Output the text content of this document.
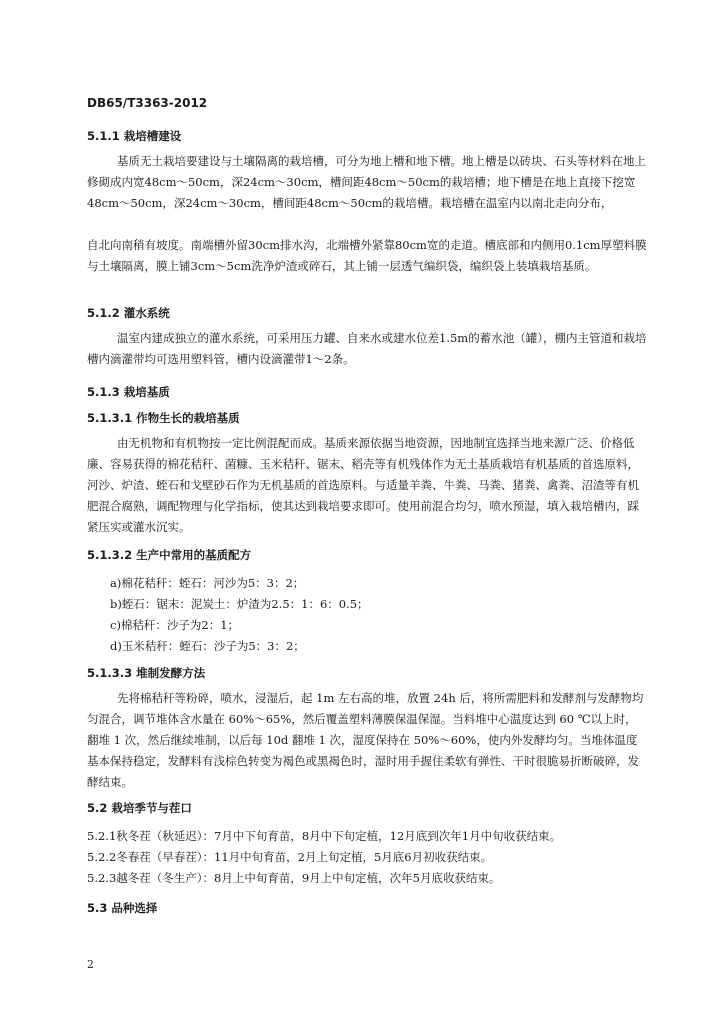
DB65/T3363-2012
5.1.1 栽培槽建设

基质无土栽培要建设与土壤隔离的栽培槽，可分为地上槽和地下槽。地上槽是以砖块、石头等材料在地上修砌成内宽48cm～50cm，深24cm～30cm，槽间距48cm～50cm的栽培槽；地下槽是在地上直接下挖宽48cm～50cm，深24cm～30cm，槽间距48cm～50cm的栽培槽。栽培槽在温室内以南北走向分布，

自北向南稍有坡度。南端槽外留30cm排水沟，北端槽外紧靠80cm宽的走道。槽底部和内侧用0.1cm厚塑料膜与土壤隔离，膜上铺3cm～5cm洗净炉渣或碎石，其上铺一层透气编织袋，编织袋上装填栽培基质。

5.1.2 灌水系统

温室内建成独立的灌水系统，可采用压力罐、自来水或建水位差1.5m的蓄水池（罐），棚内主管道和栽培槽内滴灌带均可选用塑料管，槽内设滴灌带1～2条。

5.1.3 栽培基质
5.1.3.1 作物生长的栽培基质

由无机物和有机物按一定比例混配而成。基质来源依据当地资源，因地制宜选择当地来源广泛、价格低廉、容易获得的棉花秸秆、菌糠、玉米秸秆、锯末、稻壳等有机残体作为无土基质栽培有机基质的首选原料，河沙、炉渣、蛭石和戈壁砂石作为无机基质的首选原料。与适量羊粪、牛粪、马粪、猪粪、禽粪、沼渣等有机肥混合腐熟，调配物理与化学指标，使其达到栽培要求即可。使用前混合均匀，喷水预湿，填入栽培槽内，踩紧压实或灌水沉实。

5.1.3.2 生产中常用的基质配方
a)棉花秸秆：蛭石：河沙为5：3：2；
b)蛭石：锯末：泥炭土：炉渣为2.5：1：6：0.5；
c)棉秸秆：沙子为2：1；
d)玉米秸秆：蛭石：沙子为5：3：2；
5.1.3.3 堆制发酵方法

先将棉秸秆等粉碎，喷水，浸湿后，起 1m 左右高的堆，放置 24h 后，将所需肥料和发酵剂与发酵物均匀混合，调节堆体含水量在 60%～65%，然后覆盖塑料薄膜保温保湿。当料堆中心温度达到 60 ℃以上时，翻堆 1 次，然后继续堆制，以后每 10d 翻堆 1 次，湿度保持在 50%～60%，使内外发酵均匀。当堆体温度基本保持稳定，发酵料有浅棕色转变为褐色或黑褐色时，湿时用手握住柔软有弹性、干时很脆易折断破碎，发酵结束。

5.2 栽培季节与茬口
5.2.1秋冬茬（秋延迟）：7月中下旬育苗，8月中下旬定植，12月底到次年1月中旬收获结束。
5.2.2冬春茬（早春茬）：11月中旬育苗，2月上旬定植，5月底6月初收获结束。
5.2.3越冬茬（冬生产）：8月上中旬育苗，9月上中旬定植，次年5月底收获结束。
5.3 品种选择
2
